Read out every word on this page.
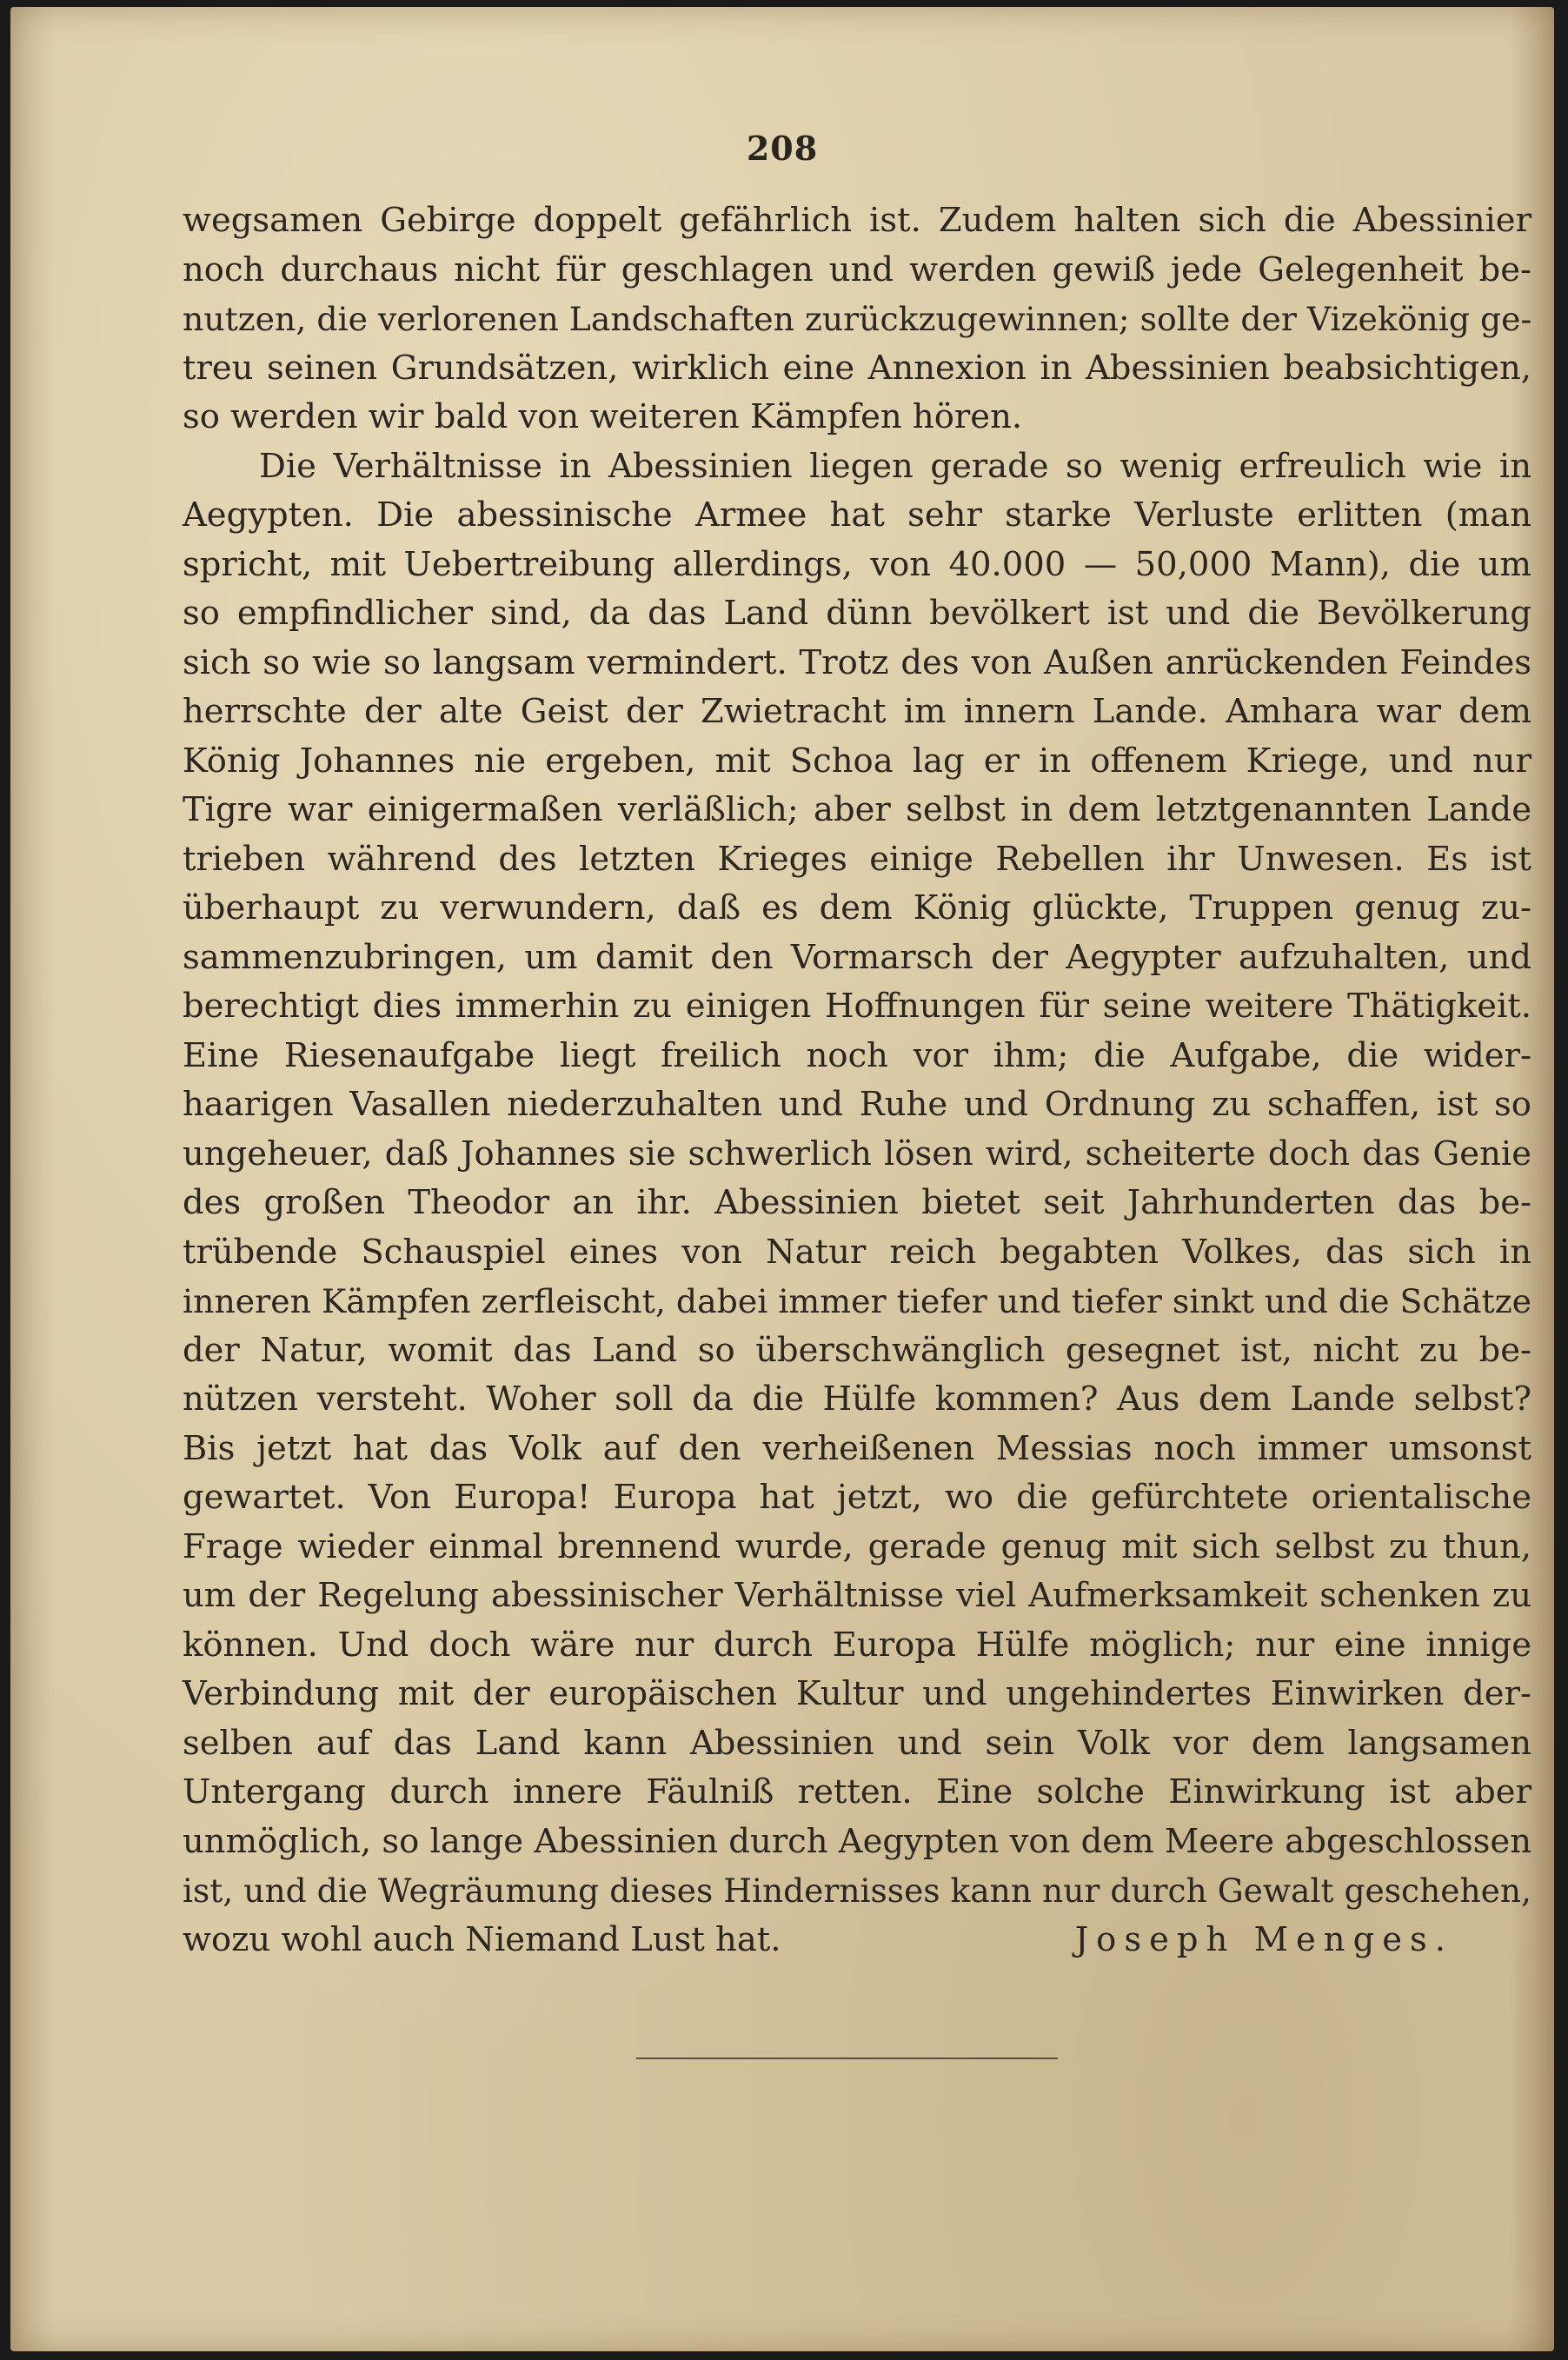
208
wegsamen Gebirge doppelt gefährlich ist. Zudem halten sich die Abessinier
noch durchaus nicht für geschlagen und werden gewiß jede Gelegenheit be-
nutzen, die verlorenen Landschaften zurückzugewinnen; sollte der Vizekönig ge-
treu seinen Grundsätzen, wirklich eine Annexion in Abessinien beabsichtigen,
so werden wir bald von weiteren Kämpfen hören.
Die Verhältnisse in Abessinien liegen gerade so wenig erfreulich wie in
Aegypten. Die abessinische Armee hat sehr starke Verluste erlitten (man
spricht, mit Uebertreibung allerdings, von 40.000 — 50,000 Mann), die um
so empfindlicher sind, da das Land dünn bevölkert ist und die Bevölkerung
sich so wie so langsam vermindert. Trotz des von Außen anrückenden Feindes
herrschte der alte Geist der Zwietracht im innern Lande. Amhara war dem
König Johannes nie ergeben, mit Schoa lag er in offenem Kriege, und nur
Tigre war einigermaßen verläßlich; aber selbst in dem letztgenannten Lande
trieben während des letzten Krieges einige Rebellen ihr Unwesen. Es ist
überhaupt zu verwundern, daß es dem König glückte, Truppen genug zu-
sammenzubringen, um damit den Vormarsch der Aegypter aufzuhalten, und
berechtigt dies immerhin zu einigen Hoffnungen für seine weitere Thätigkeit.
Eine Riesenaufgabe liegt freilich noch vor ihm; die Aufgabe, die wider-
haarigen Vasallen niederzuhalten und Ruhe und Ordnung zu schaffen, ist so
ungeheuer, daß Johannes sie schwerlich lösen wird, scheiterte doch das Genie
des großen Theodor an ihr. Abessinien bietet seit Jahrhunderten das be-
trübende Schauspiel eines von Natur reich begabten Volkes, das sich in
inneren Kämpfen zerfleischt, dabei immer tiefer und tiefer sinkt und die Schätze
der Natur, womit das Land so überschwänglich gesegnet ist, nicht zu be-
nützen versteht. Woher soll da die Hülfe kommen? Aus dem Lande selbst?
Bis jetzt hat das Volk auf den verheißenen Messias noch immer umsonst
gewartet. Von Europa! Europa hat jetzt, wo die gefürchtete orientalische
Frage wieder einmal brennend wurde, gerade genug mit sich selbst zu thun,
um der Regelung abessinischer Verhältnisse viel Aufmerksamkeit schenken zu
können. Und doch wäre nur durch Europa Hülfe möglich; nur eine innige
Verbindung mit der europäischen Kultur und ungehindertes Einwirken der-
selben auf das Land kann Abessinien und sein Volk vor dem langsamen
Untergang durch innere Fäulniß retten. Eine solche Einwirkung ist aber
unmöglich, so lange Abessinien durch Aegypten von dem Meere abgeschlossen
ist, und die Wegräumung dieses Hindernisses kann nur durch Gewalt geschehen,
wozu wohl auch Niemand Lust hat.	Joseph Menges.
